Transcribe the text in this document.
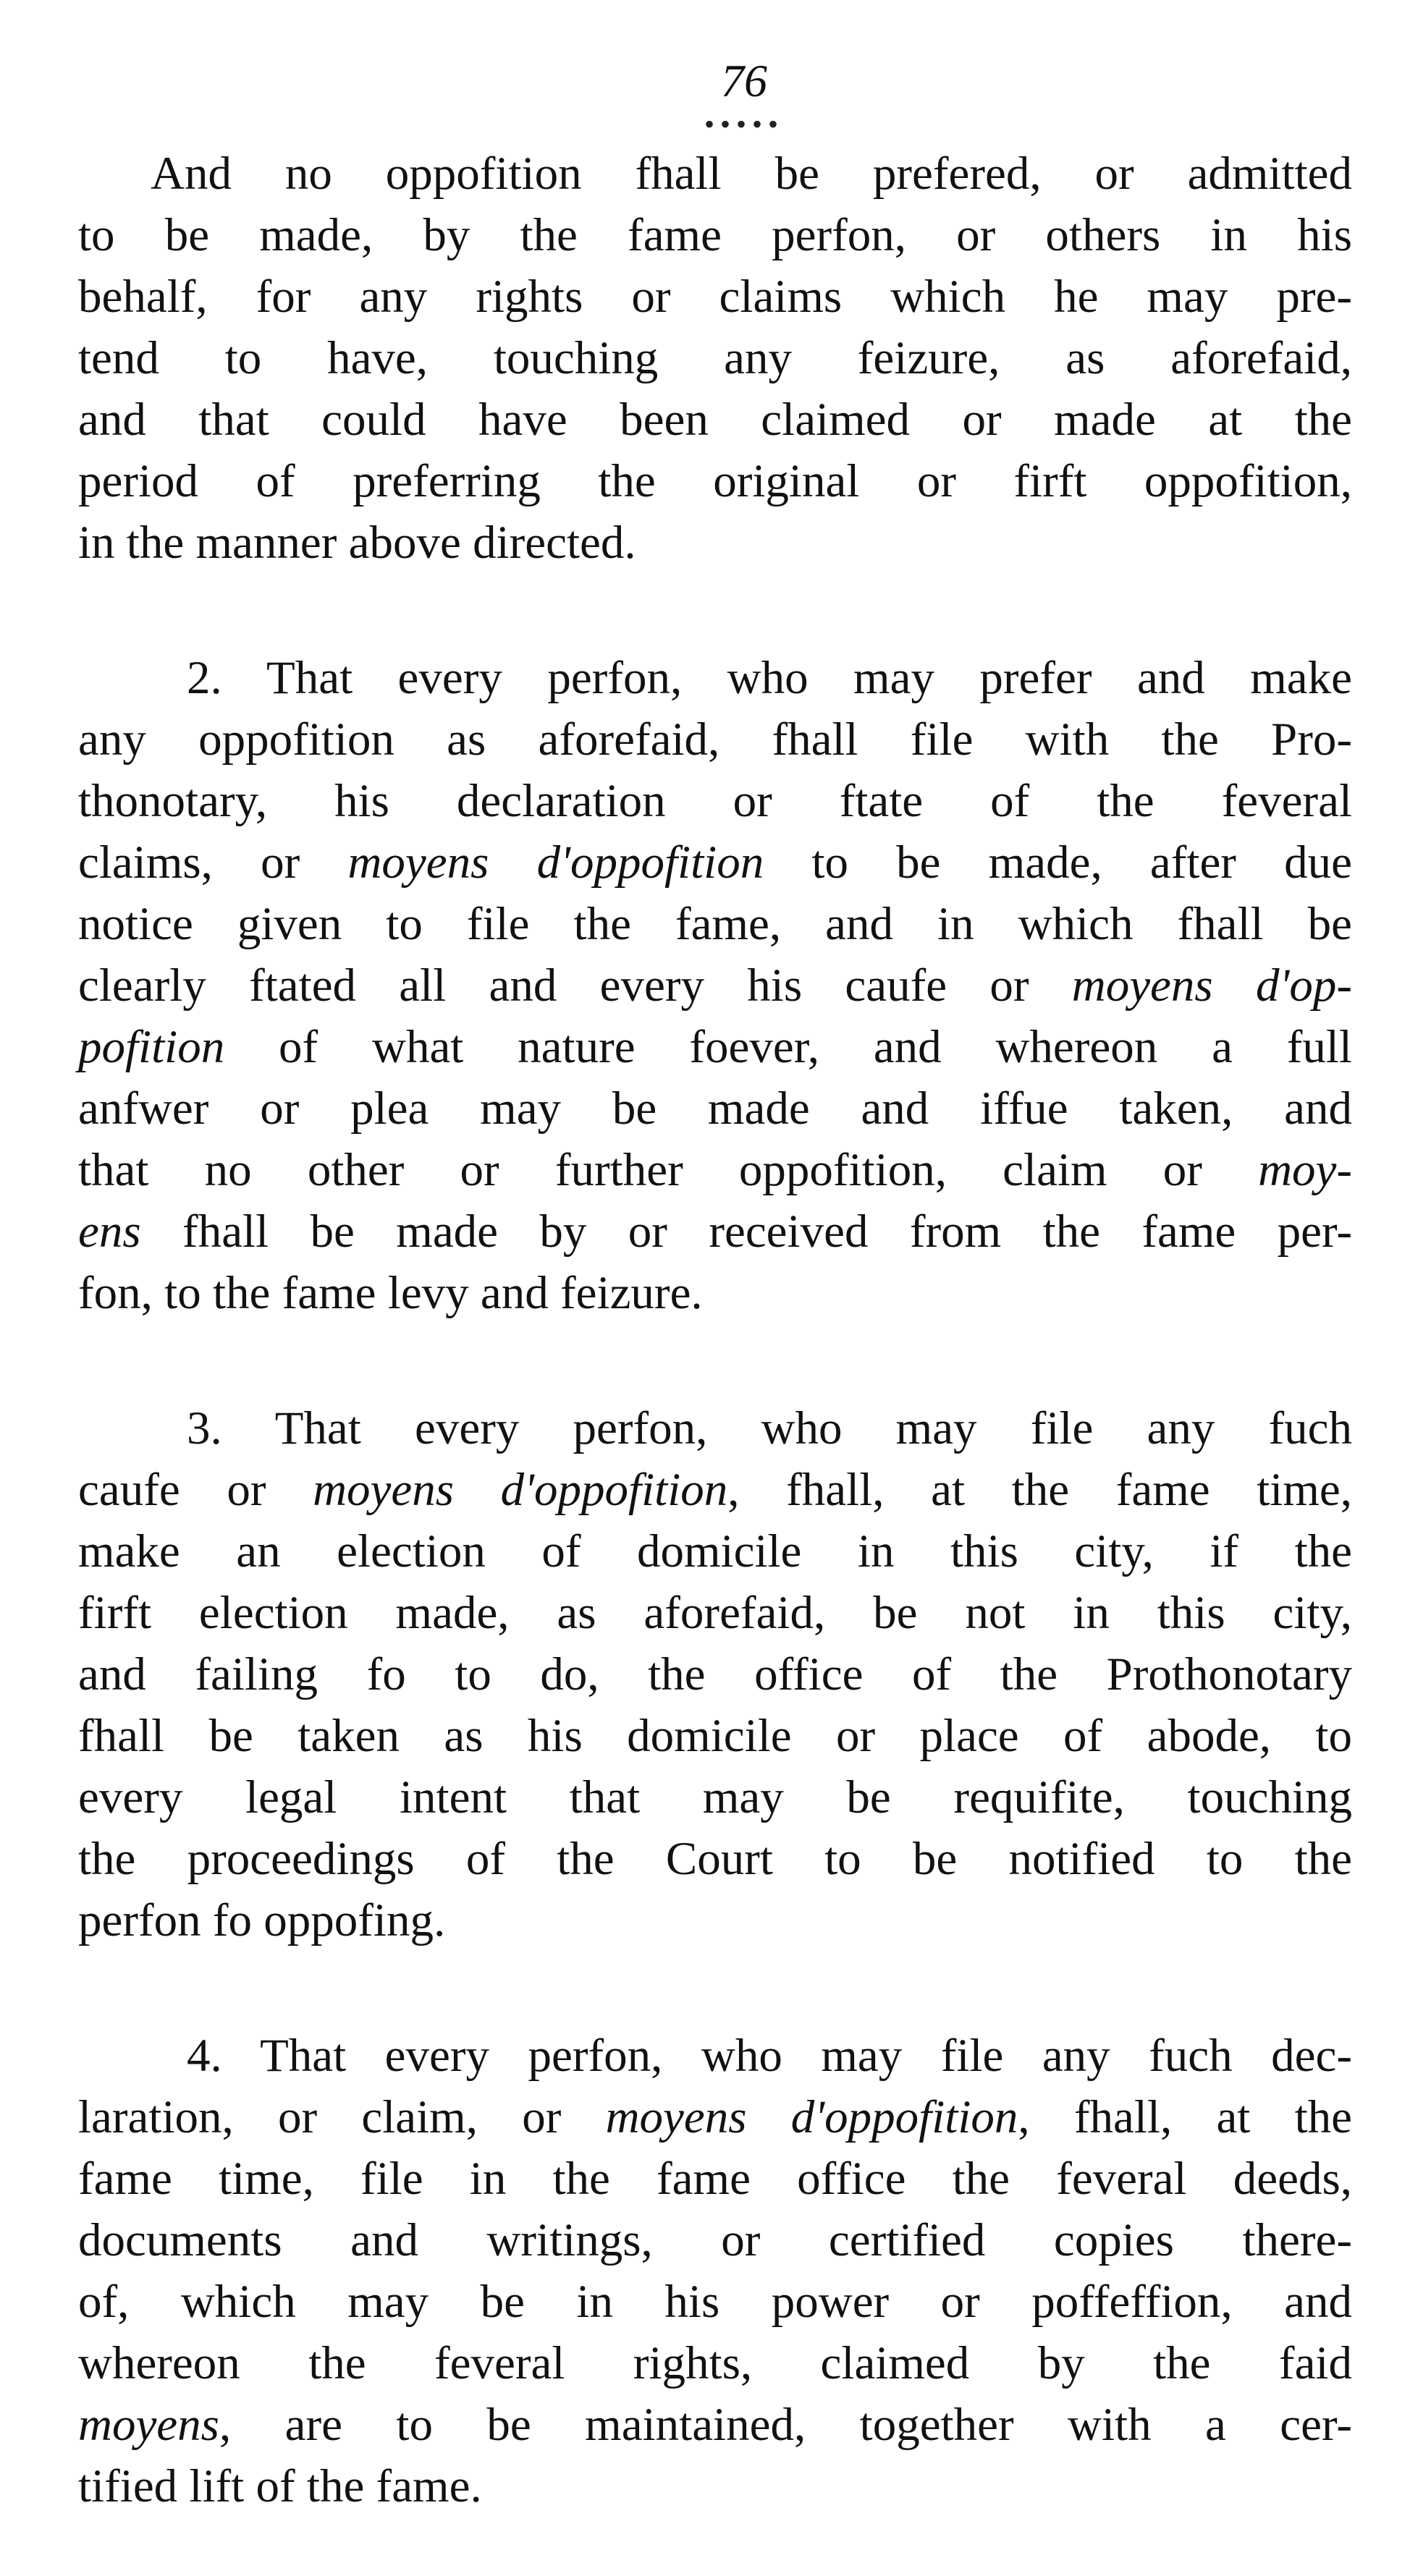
76
•••••
And no oppofition fhall be prefered, or admitted
to be made, by the fame perfon, or others in his
behalf, for any rights or claims which he may pre-
tend to have, touching any feizure, as aforefaid,
and that could have been claimed or made at the
period of preferring the original or firft oppofition,
in the manner above directed.
2. That every perfon, who may prefer and make
any oppofition as aforefaid, fhall file with the Pro-
thonotary, his declaration or ftate of the feveral
claims, or moyens d'oppofition to be made, after due
notice given to file the fame, and in which fhall be
clearly ftated all and every his caufe or moyens d'op-
pofition of what nature foever, and whereon a full
anfwer or plea may be made and iffue taken, and
that no other or further oppofition, claim or moy-
ens fhall be made by or received from the fame per-
fon, to the fame levy and feizure.
3. That every perfon, who may file any fuch
caufe or moyens d'oppofition, fhall, at the fame time,
make an election of domicile in this city, if the
firft election made, as aforefaid, be not in this city,
and failing fo to do, the office of the Prothonotary
fhall be taken as his domicile or place of abode, to
every legal intent that may be requifite, touching
the proceedings of the Court to be notified to the
perfon fo oppofing.
4. That every perfon, who may file any fuch dec-
laration, or claim, or moyens d'oppofition, fhall, at the
fame time, file in the fame office the feveral deeds,
documents and writings, or certified copies there-
of, which may be in his power or poffeffion, and
whereon the feveral rights, claimed by the faid
moyens, are to be maintained, together with a cer-
tified lift of the fame.
